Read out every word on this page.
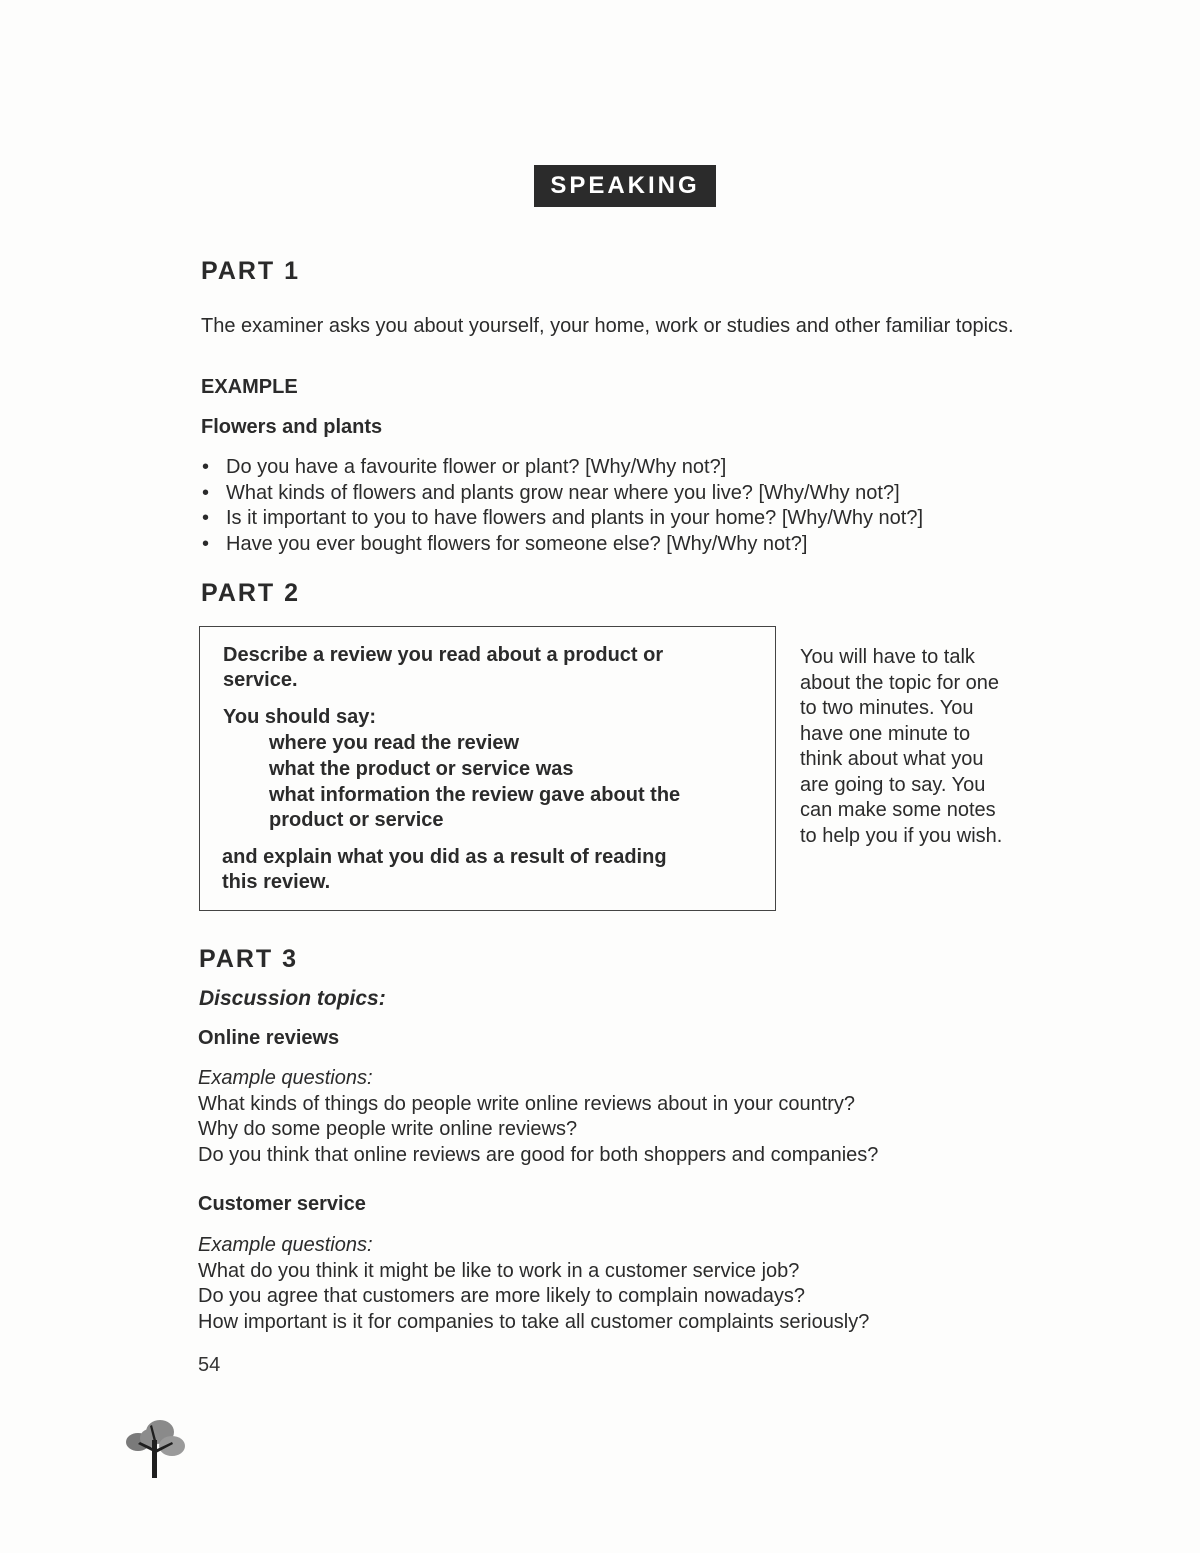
SPEAKING
PART 1
The examiner asks you about yourself, your home, work or studies and other familiar topics.
EXAMPLE
Flowers and plants
• Do you have a favourite flower or plant? [Why/Why not?]
• What kinds of flowers and plants grow near where you live? [Why/Why not?]
• Is it important to you to have flowers and plants in your home? [Why/Why not?]
• Have you ever bought flowers for someone else? [Why/Why not?]
PART 2
Describe a review you read about a product or
service.
You should say:
where you read the review
what the product or service was
what information the review gave about the
product or service
and explain what you did as a result of reading
this review.
You will have to talk
about the topic for one
to two minutes. You
have one minute to
think about what you
are going to say. You
can make some notes
to help you if you wish.
PART 3
Discussion topics:
Online reviews
Example questions:
What kinds of things do people write online reviews about in your country?
Why do some people write online reviews?
Do you think that online reviews are good for both shoppers and companies?
Customer service
Example questions:
What do you think it might be like to work in a customer service job?
Do you agree that customers are more likely to complain nowadays?
How important is it for companies to take all customer complaints seriously?
54
